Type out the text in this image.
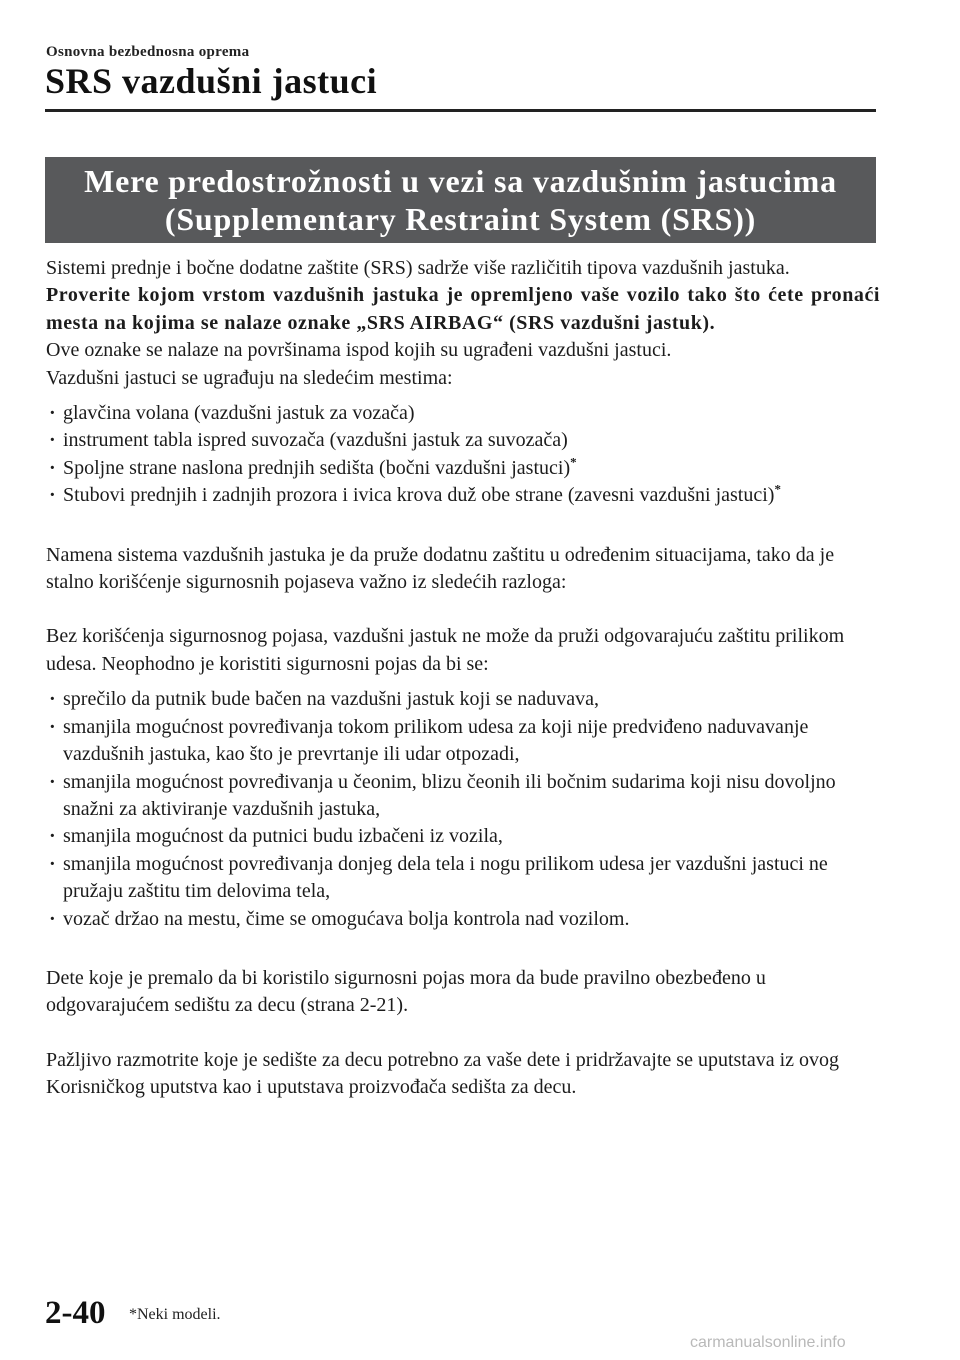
Osnovna bezbednosna oprema
SRS vazdušni jastuci
Mere predostrožnosti u vezi sa vazdušnim jastucima
(Supplementary Restraint System (SRS))

Sistemi prednje i bočne dodatne zaštite (SRS) sadrže više različitih tipova vazdušnih jastuka.

Proverite kojom vrstom vazdušnih jastuka je opremljeno vaše vozilo tako što ćete pronaći mesta na kojima se nalaze oznake „SRS AIRBAG“ (SRS vazdušni jastuk).

Ove oznake se nalaze na površinama ispod kojih su ugrađeni vazdušni jastuci.

Vazdušni jastuci se ugrađuju na sledećim mestima:

· glavčina volana (vazdušni jastuk za vozača)
· instrument tabla ispred suvozača (vazdušni jastuk za suvozača)
· Spoljne strane naslona prednjih sedišta (bočni vazdušni jastuci)*
· Stubovi prednjih i zadnjih prozora i ivica krova duž obe strane (zavesni vazdušni jastuci)*

Namena sistema vazdušnih jastuka je da pruže dodatnu zaštitu u određenim situacijama, tako da je stalno korišćenje sigurnosnih pojaseva važno iz sledećih razloga:

Bez korišćenja sigurnosnog pojasa, vazdušni jastuk ne može da pruži odgovarajuću zaštitu prilikom udesa. Neophodno je koristiti sigurnosni pojas da bi se:

· sprečilo da putnik bude bačen na vazdušni jastuk koji se naduvava,
· smanjila mogućnost povređivanja tokom prilikom udesa za koji nije predviđeno naduvavanje vazdušnih jastuka, kao što je prevrtanje ili udar otpozadi,
· smanjila mogućnost povređivanja u čeonim, blizu čeonih ili bočnim sudarima koji nisu dovoljno snažni za aktiviranje vazdušnih jastuka,
· smanjila mogućnost da putnici budu izbačeni iz vozila,
· smanjila mogućnost povređivanja donjeg dela tela i nogu prilikom udesa jer vazdušni jastuci ne pružaju zaštitu tim delovima tela,
· vozač držao na mestu, čime se omogućava bolja kontrola nad vozilom.

Dete koje je premalo da bi koristilo sigurnosni pojas mora da bude pravilno obezbeđeno u odgovarajućem sedištu za decu (strana 2-21).

Pažljivo razmotrite koje je sedište za decu potrebno za vaše dete i pridržavajte se uputstava iz ovog Korisničkog uputstva kao i uputstava proizvođača sedišta za decu.

2-40 *Neki modeli.
carmanualsonline.info
